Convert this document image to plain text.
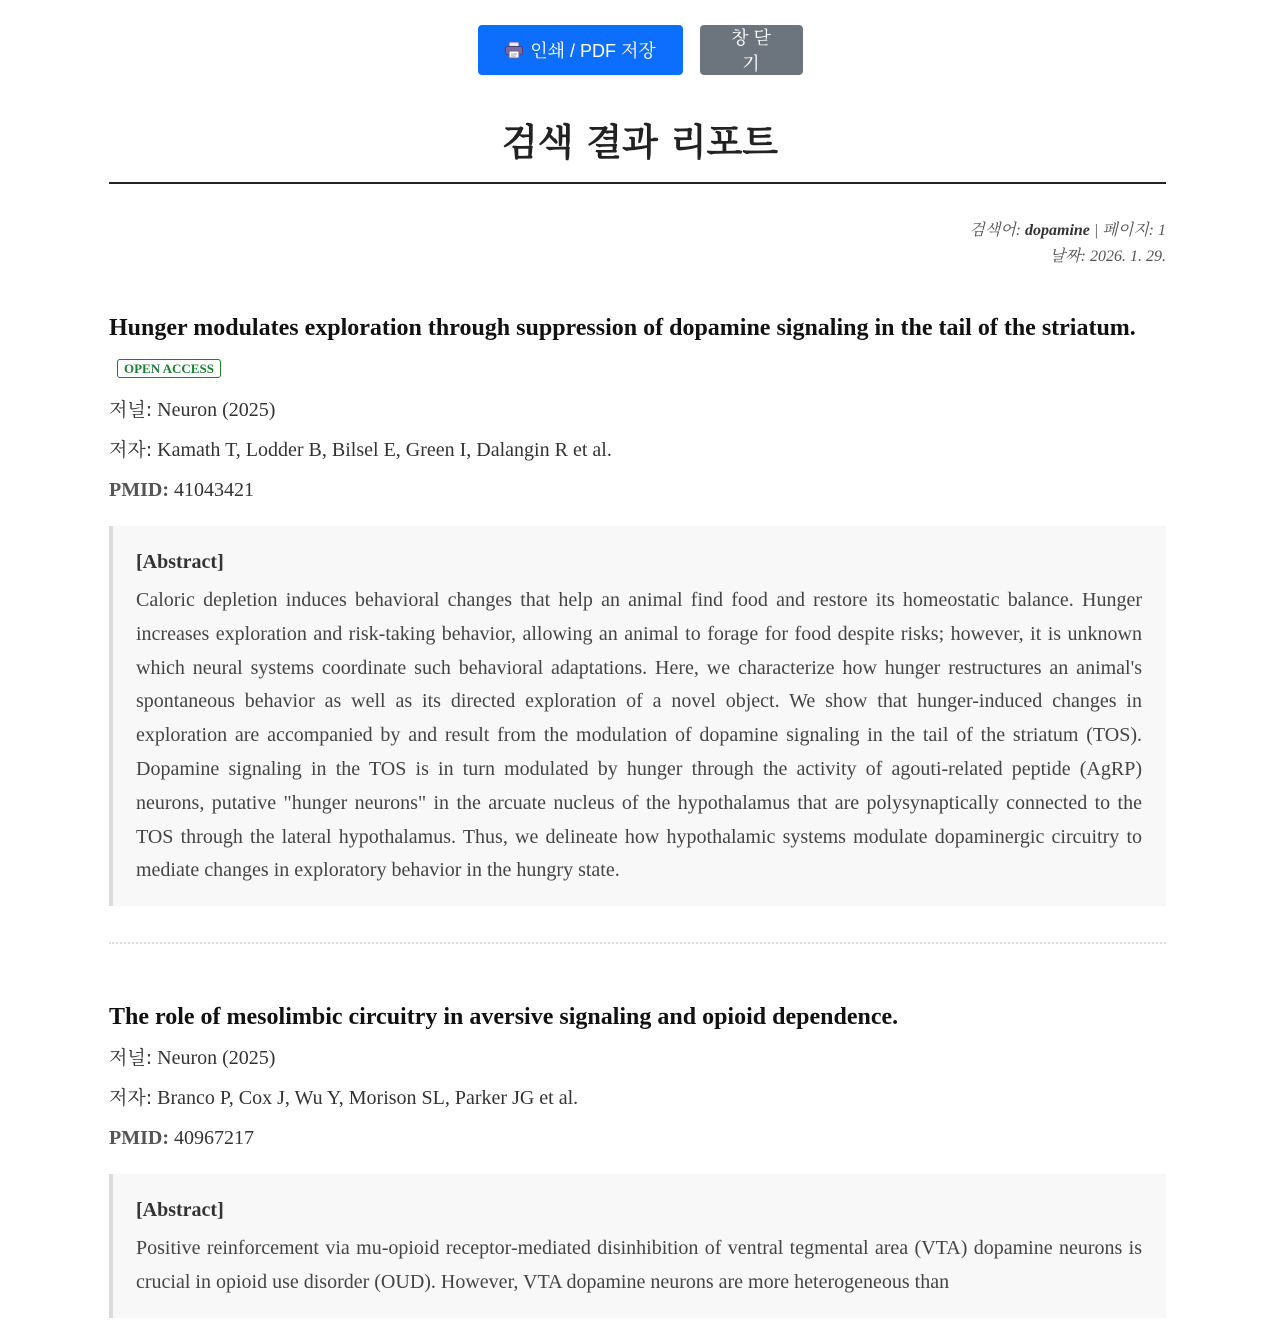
인쇄 / PDF 저장
창 닫기
검색 결과 리포트
검색어: dopamine | 페이지: 1
날짜: 2026. 1. 29.
Hunger modulates exploration through suppression of dopamine signaling in the tail of the striatum.OPEN ACCESS
저널: Neuron (2025)
저자: Kamath T, Lodder B, Bilsel E, Green I, Dalangin R et al.
PMID: 41043421

[Abstract]

Caloric depletion induces behavioral changes that help an animal find food and restore its homeostatic balance. Hunger increases exploration and risk-taking behavior, allowing an animal to forage for food despite risks; however, it is unknown which neural systems coordinate such behavioral adaptations. Here, we characterize how hunger restructures an animal's spontaneous behavior as well as its directed exploration of a novel object. We show that hunger-induced changes in exploration are accompanied by and result from the modulation of dopamine signaling in the tail of the striatum (TOS). Dopamine signaling in the TOS is in turn modulated by hunger through the activity of agouti-related peptide (AgRP) neurons, putative "hunger neurons" in the arcuate nucleus of the hypothalamus that are polysynaptically connected to the TOS through the lateral hypothalamus. Thus, we delineate how hypothalamic systems modulate dopaminergic circuitry to mediate changes in exploratory behavior in the hungry state.

The role of mesolimbic circuitry in aversive signaling and opioid dependence.
저널: Neuron (2025)
저자: Branco P, Cox J, Wu Y, Morison SL, Parker JG et al.
PMID: 40967217

[Abstract]

Positive reinforcement via mu-opioid receptor-mediated disinhibition of ventral tegmental area (VTA) dopamine neurons is crucial in opioid use disorder (OUD). However, VTA dopamine neurons are more heterogeneous than
